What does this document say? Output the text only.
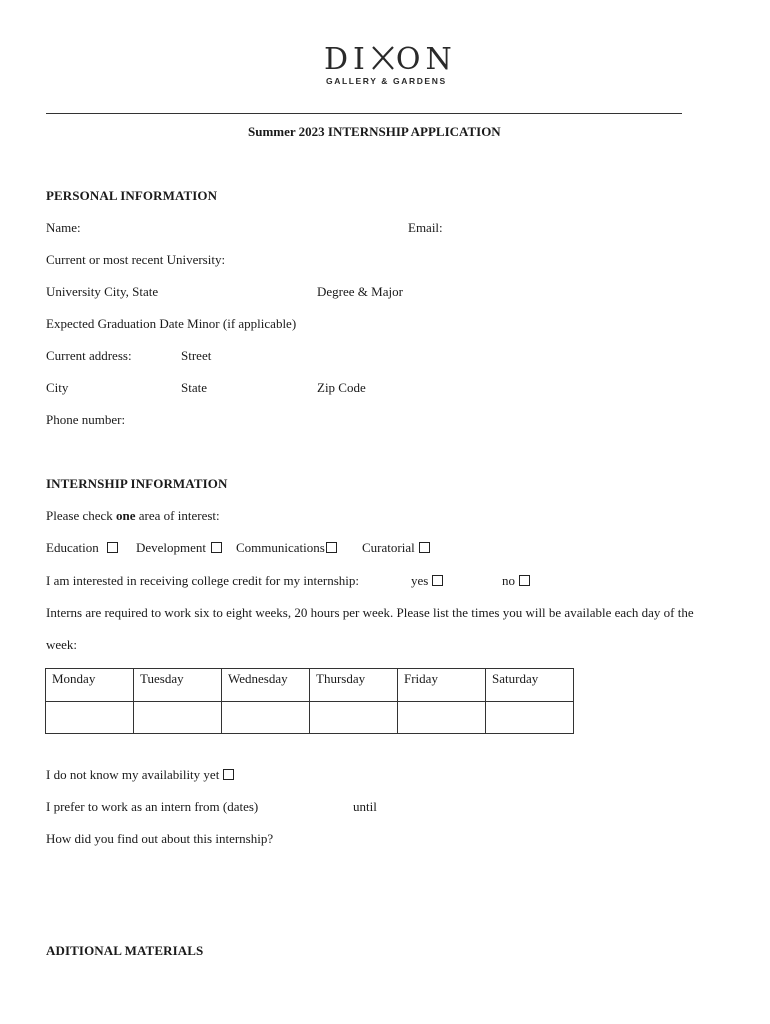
DI ON
GALLERY & GARDENS
Summer 2023 INTERNSHIP APPLICATION
PERSONAL INFORMATION
Name:	Email:
Current or most recent University:
University City, State	Degree & Major
Expected Graduation Date Minor (if applicable)
Current address:	Street
City	State	Zip Code
Phone number:
INTERNSHIP INFORMATION
Please check one area of interest:
Education	Development	Communications	Curatorial
I am interested in receiving college credit for my internship:	yes	no
Interns are required to work six to eight weeks, 20 hours per week. Please list the times you will be available each day of the
week:
Monday	Tuesday	Wednesday	Thursday	Friday	Saturday

I do not know my availability yet
I prefer to work as an intern from (dates)	until
How did you find out about this internship?
ADITIONAL MATERIALS
